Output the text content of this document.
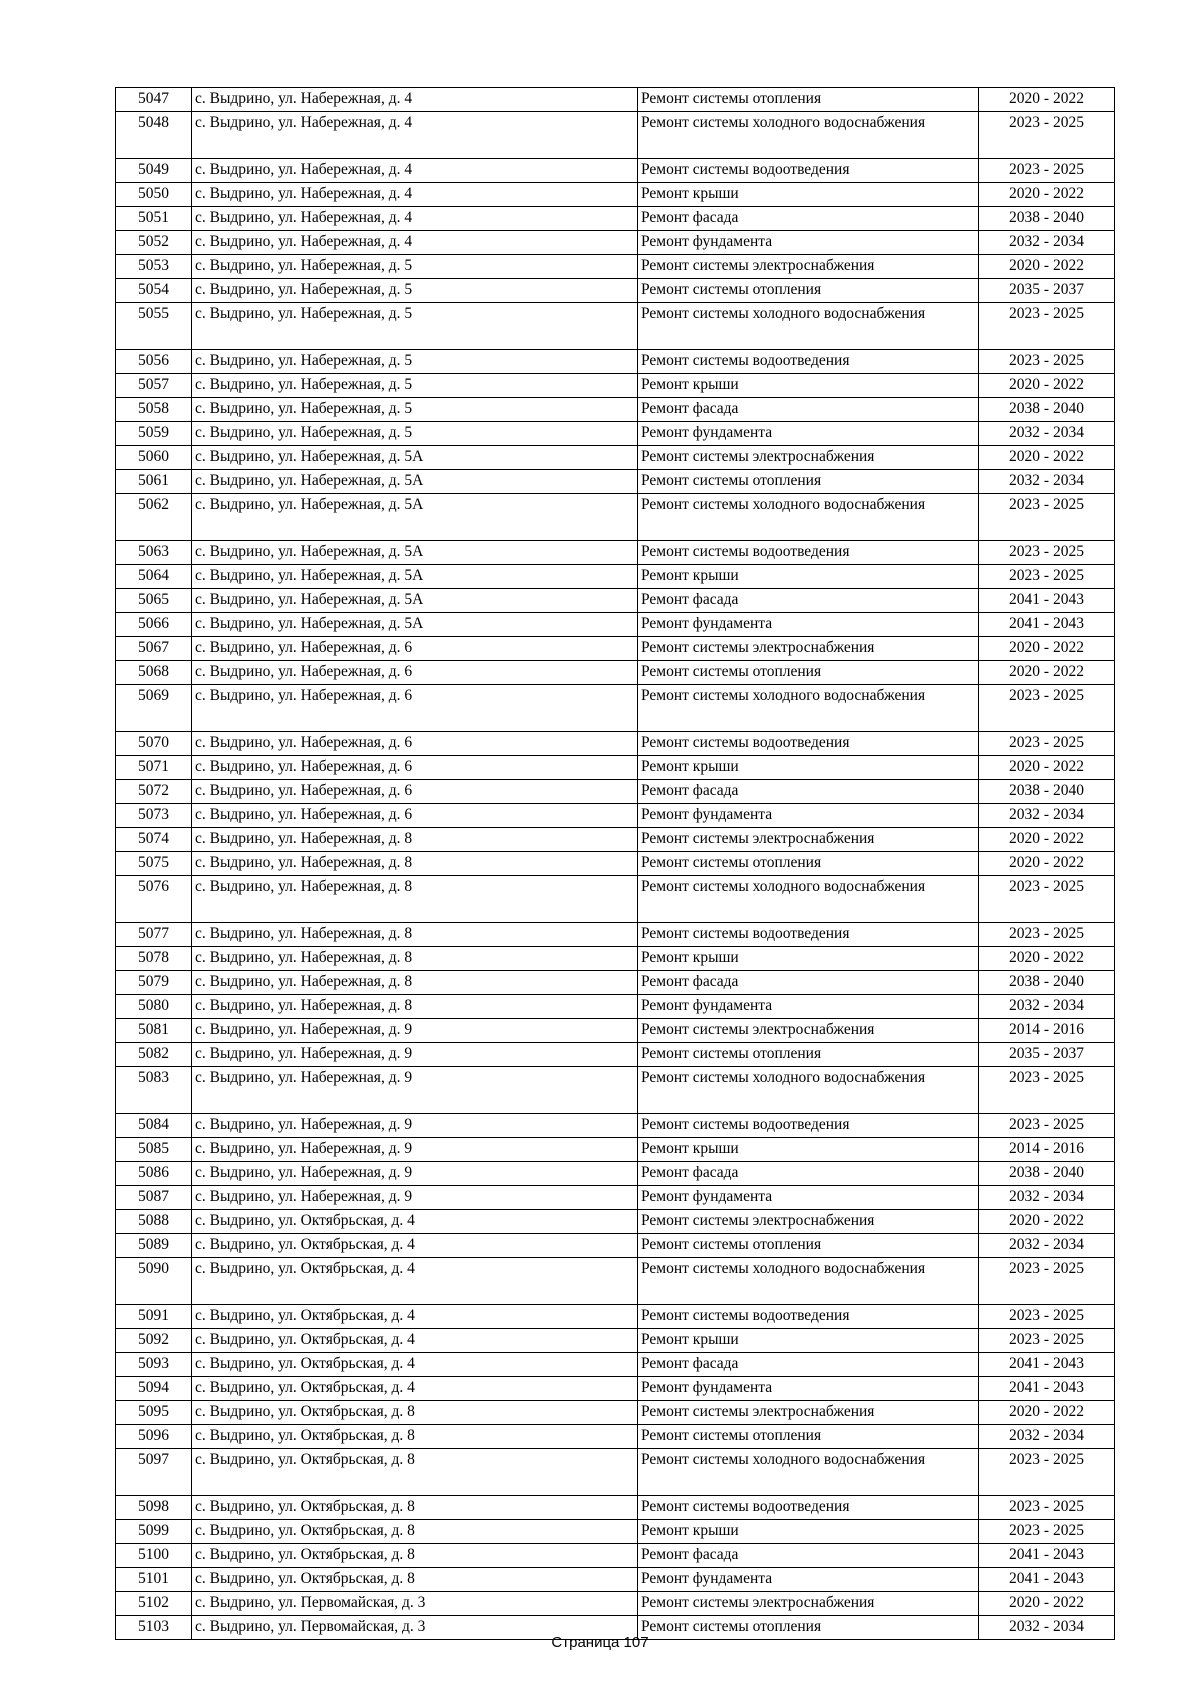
5047	с. Выдрино, ул. Набережная, д. 4	Ремонт системы отопления	2020 - 2022
5048	с. Выдрино, ул. Набережная, д. 4	Ремонт системы холодного водоснабжения	2023 - 2025
5049	с. Выдрино, ул. Набережная, д. 4	Ремонт системы водоотведения	2023 - 2025
5050	с. Выдрино, ул. Набережная, д. 4	Ремонт крыши	2020 - 2022
5051	с. Выдрино, ул. Набережная, д. 4	Ремонт фасада	2038 - 2040
5052	с. Выдрино, ул. Набережная, д. 4	Ремонт фундамента	2032 - 2034
5053	с. Выдрино, ул. Набережная, д. 5	Ремонт системы электроснабжения	2020 - 2022
5054	с. Выдрино, ул. Набережная, д. 5	Ремонт системы отопления	2035 - 2037
5055	с. Выдрино, ул. Набережная, д. 5	Ремонт системы холодного водоснабжения	2023 - 2025
5056	с. Выдрино, ул. Набережная, д. 5	Ремонт системы водоотведения	2023 - 2025
5057	с. Выдрино, ул. Набережная, д. 5	Ремонт крыши	2020 - 2022
5058	с. Выдрино, ул. Набережная, д. 5	Ремонт фасада	2038 - 2040
5059	с. Выдрино, ул. Набережная, д. 5	Ремонт фундамента	2032 - 2034
5060	с. Выдрино, ул. Набережная, д. 5А	Ремонт системы электроснабжения	2020 - 2022
5061	с. Выдрино, ул. Набережная, д. 5А	Ремонт системы отопления	2032 - 2034
5062	с. Выдрино, ул. Набережная, д. 5А	Ремонт системы холодного водоснабжения	2023 - 2025
5063	с. Выдрино, ул. Набережная, д. 5А	Ремонт системы водоотведения	2023 - 2025
5064	с. Выдрино, ул. Набережная, д. 5А	Ремонт крыши	2023 - 2025
5065	с. Выдрино, ул. Набережная, д. 5А	Ремонт фасада	2041 - 2043
5066	с. Выдрино, ул. Набережная, д. 5А	Ремонт фундамента	2041 - 2043
5067	с. Выдрино, ул. Набережная, д. 6	Ремонт системы электроснабжения	2020 - 2022
5068	с. Выдрино, ул. Набережная, д. 6	Ремонт системы отопления	2020 - 2022
5069	с. Выдрино, ул. Набережная, д. 6	Ремонт системы холодного водоснабжения	2023 - 2025
5070	с. Выдрино, ул. Набережная, д. 6	Ремонт системы водоотведения	2023 - 2025
5071	с. Выдрино, ул. Набережная, д. 6	Ремонт крыши	2020 - 2022
5072	с. Выдрино, ул. Набережная, д. 6	Ремонт фасада	2038 - 2040
5073	с. Выдрино, ул. Набережная, д. 6	Ремонт фундамента	2032 - 2034
5074	с. Выдрино, ул. Набережная, д. 8	Ремонт системы электроснабжения	2020 - 2022
5075	с. Выдрино, ул. Набережная, д. 8	Ремонт системы отопления	2020 - 2022
5076	с. Выдрино, ул. Набережная, д. 8	Ремонт системы холодного водоснабжения	2023 - 2025
5077	с. Выдрино, ул. Набережная, д. 8	Ремонт системы водоотведения	2023 - 2025
5078	с. Выдрино, ул. Набережная, д. 8	Ремонт крыши	2020 - 2022
5079	с. Выдрино, ул. Набережная, д. 8	Ремонт фасада	2038 - 2040
5080	с. Выдрино, ул. Набережная, д. 8	Ремонт фундамента	2032 - 2034
5081	с. Выдрино, ул. Набережная, д. 9	Ремонт системы электроснабжения	2014 - 2016
5082	с. Выдрино, ул. Набережная, д. 9	Ремонт системы отопления	2035 - 2037
5083	с. Выдрино, ул. Набережная, д. 9	Ремонт системы холодного водоснабжения	2023 - 2025
5084	с. Выдрино, ул. Набережная, д. 9	Ремонт системы водоотведения	2023 - 2025
5085	с. Выдрино, ул. Набережная, д. 9	Ремонт крыши	2014 - 2016
5086	с. Выдрино, ул. Набережная, д. 9	Ремонт фасада	2038 - 2040
5087	с. Выдрино, ул. Набережная, д. 9	Ремонт фундамента	2032 - 2034
5088	с. Выдрино, ул. Октябрьская, д. 4	Ремонт системы электроснабжения	2020 - 2022
5089	с. Выдрино, ул. Октябрьская, д. 4	Ремонт системы отопления	2032 - 2034
5090	с. Выдрино, ул. Октябрьская, д. 4	Ремонт системы холодного водоснабжения	2023 - 2025
5091	с. Выдрино, ул. Октябрьская, д. 4	Ремонт системы водоотведения	2023 - 2025
5092	с. Выдрино, ул. Октябрьская, д. 4	Ремонт крыши	2023 - 2025
5093	с. Выдрино, ул. Октябрьская, д. 4	Ремонт фасада	2041 - 2043
5094	с. Выдрино, ул. Октябрьская, д. 4	Ремонт фундамента	2041 - 2043
5095	с. Выдрино, ул. Октябрьская, д. 8	Ремонт системы электроснабжения	2020 - 2022
5096	с. Выдрино, ул. Октябрьская, д. 8	Ремонт системы отопления	2032 - 2034
5097	с. Выдрино, ул. Октябрьская, д. 8	Ремонт системы холодного водоснабжения	2023 - 2025
5098	с. Выдрино, ул. Октябрьская, д. 8	Ремонт системы водоотведения	2023 - 2025
5099	с. Выдрино, ул. Октябрьская, д. 8	Ремонт крыши	2023 - 2025
5100	с. Выдрино, ул. Октябрьская, д. 8	Ремонт фасада	2041 - 2043
5101	с. Выдрино, ул. Октябрьская, д. 8	Ремонт фундамента	2041 - 2043
5102	с. Выдрино, ул. Первомайская, д. 3	Ремонт системы электроснабжения	2020 - 2022
5103	с. Выдрино, ул. Первомайская, д. 3	Ремонт системы отопления	2032 - 2034
Страница 107
